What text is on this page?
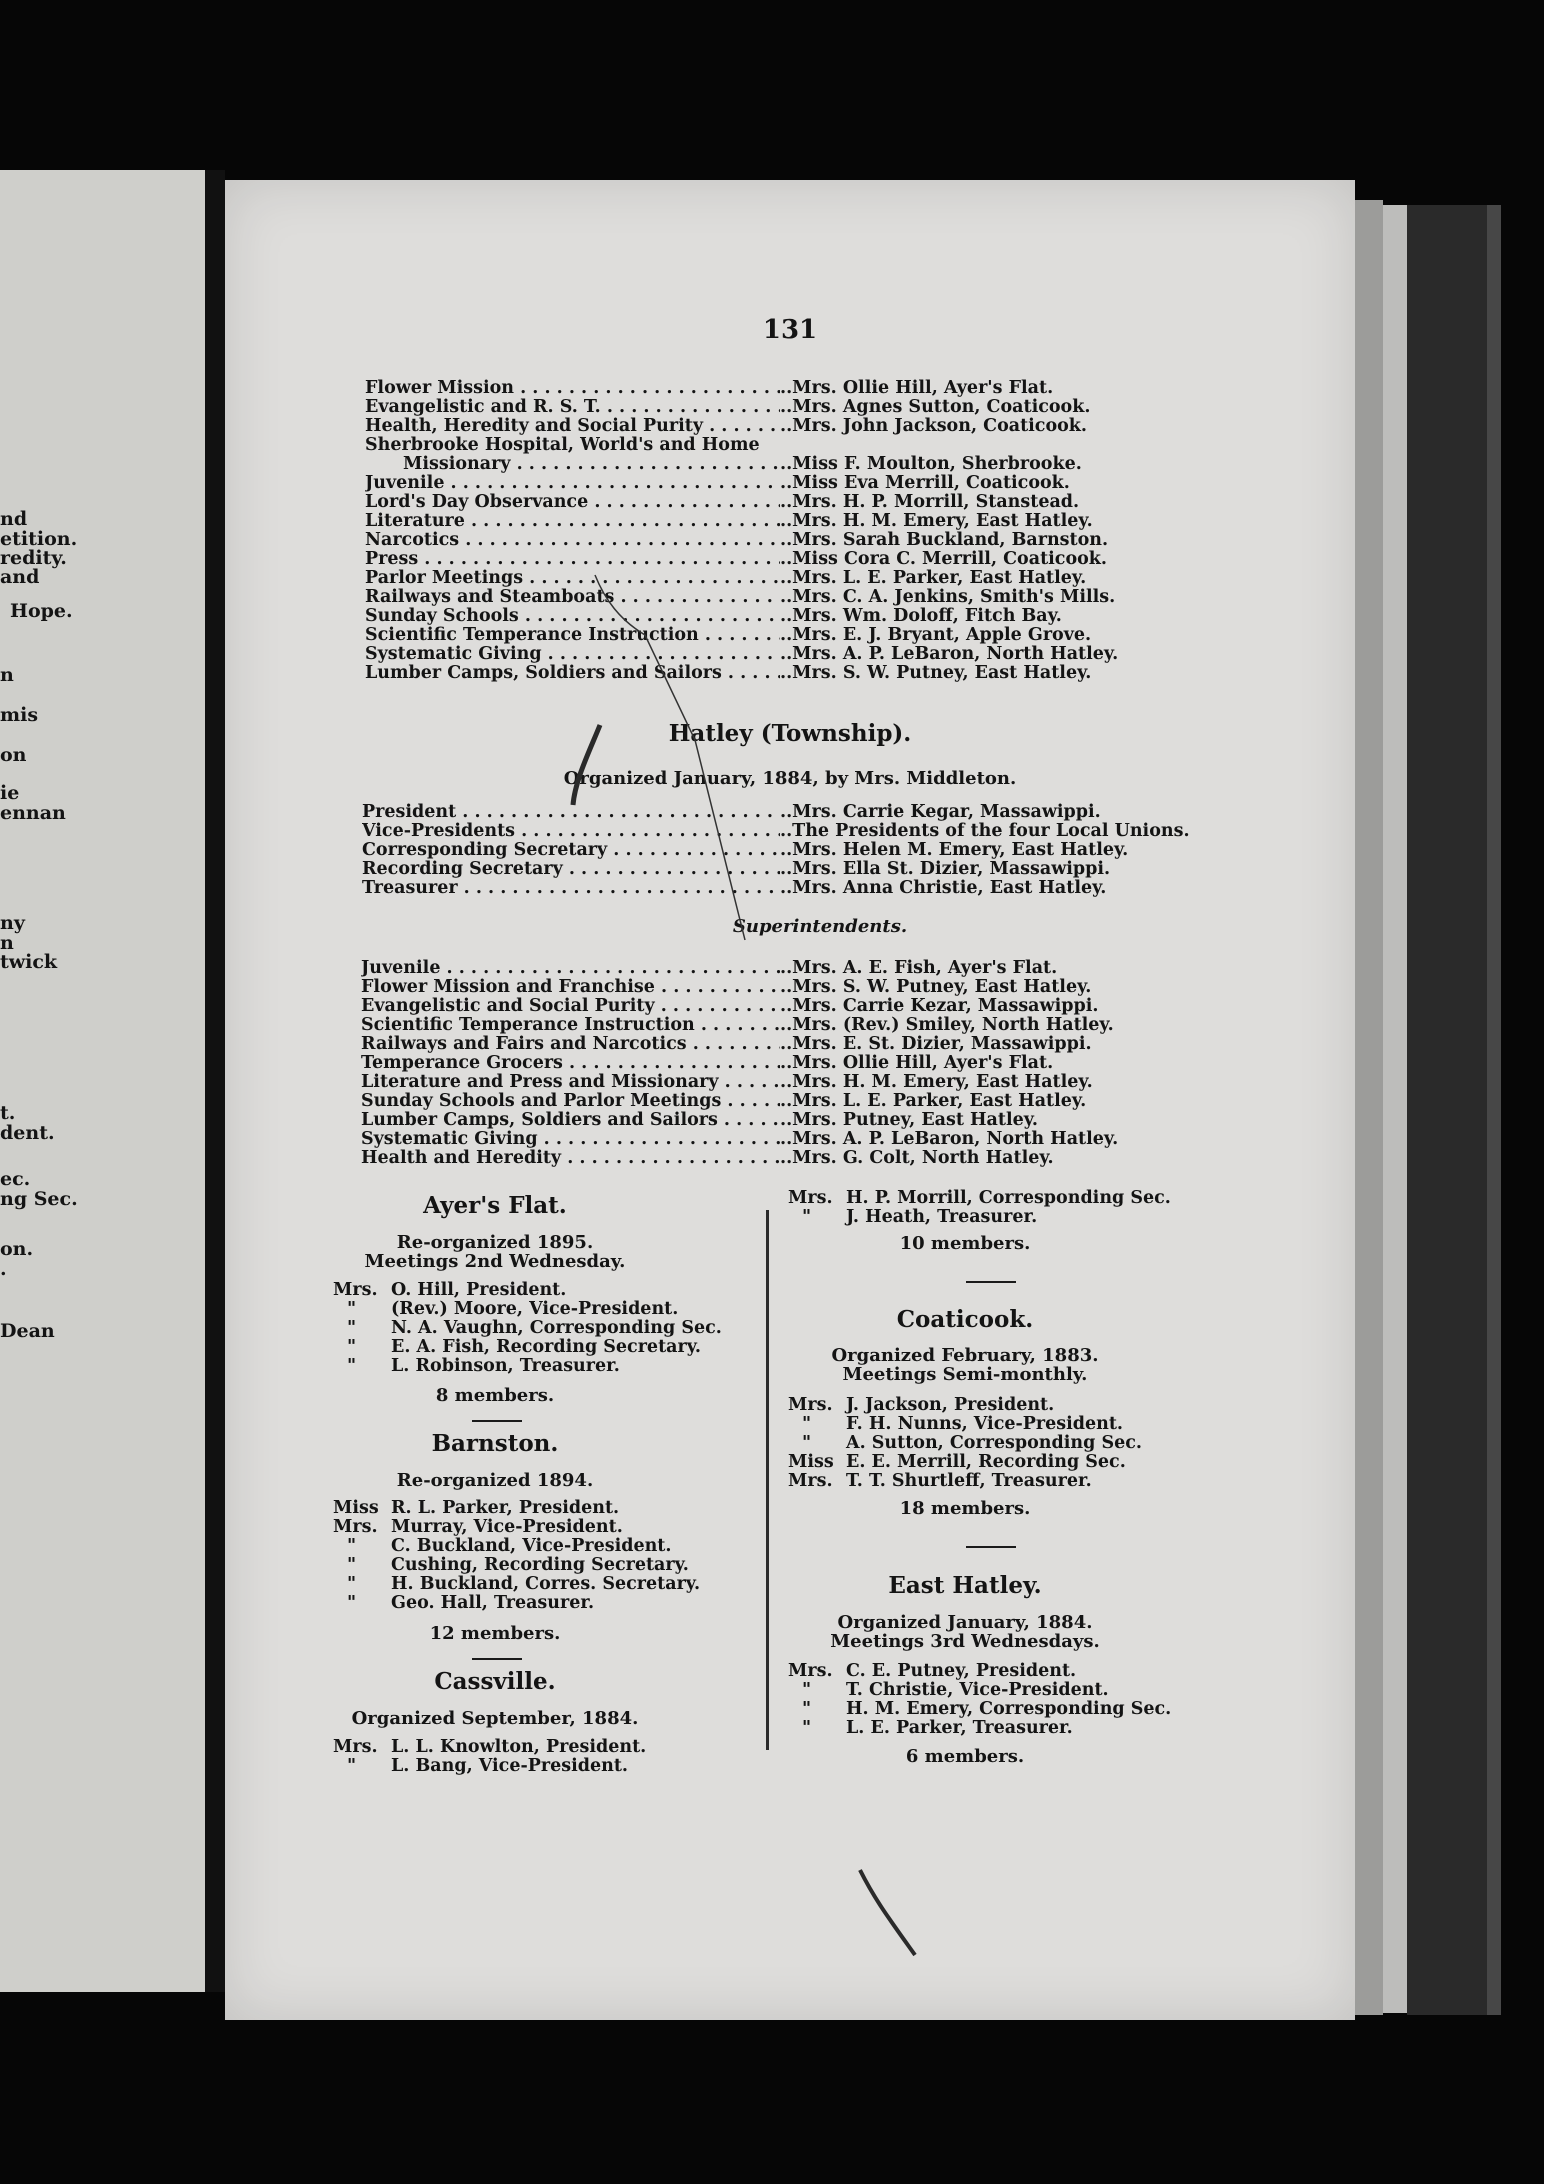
nd
etition.
redity.
and
Hope.
n
mis
on
ie
ennan
ny
n
twick
t.
dent.
ec.
ng Sec.
on.
.
Dean
131
Flower Mission . . .	..Mrs. Ollie Hill, Ayer's Flat.
Evangelistic and R. S. T. . . .	..Mrs. Agnes Sutton, Coaticook.
Health, Heredity and Social Purity . . .	..Mrs. John Jackson, Coaticook.
Sherbrooke Hospital, World's and Home
Missionary . . .	..Miss F. Moulton, Sherbrooke.
Juvenile . . .	..Miss Eva Merrill, Coaticook.
Lord's Day Observance . . .	..Mrs. H. P. Morrill, Stanstead.
Literature . . .	..Mrs. H. M. Emery, East Hatley.
Narcotics . . .	..Mrs. Sarah Buckland, Barnston.
Press . . .	..Miss Cora C. Merrill, Coaticook.
Parlor Meetings . . .	..Mrs. L. E. Parker, East Hatley.
Railways and Steamboats . . .	..Mrs. C. A. Jenkins, Smith's Mills.
Sunday Schools . . .	..Mrs. Wm. Doloff, Fitch Bay.
Scientific Temperance Instruction . . .	..Mrs. E. J. Bryant, Apple Grove.
Systematic Giving . . .	..Mrs. A. P. LeBaron, North Hatley.
Lumber Camps, Soldiers and Sailors . . .	..Mrs. S. W. Putney, East Hatley.
Hatley (Township).
Organized January, 1884, by Mrs. Middleton.
President . . .	..Mrs. Carrie Kegar, Massawippi.
Vice-Presidents . . .	..The Presidents of the four Local Unions.
Corresponding Secretary . . .	..Mrs. Helen M. Emery, East Hatley.
Recording Secretary . . .	..Mrs. Ella St. Dizier, Massawippi.
Treasurer . . .	..Mrs. Anna Christie, East Hatley.
Superintendents.
Juvenile . . .	..Mrs. A. E. Fish, Ayer's Flat.
Flower Mission and Franchise . . .	..Mrs. S. W. Putney, East Hatley.
Evangelistic and Social Purity . . .	..Mrs. Carrie Kezar, Massawippi.
Scientific Temperance Instruction . . .	..Mrs. (Rev.) Smiley, North Hatley.
Railways and Fairs and Narcotics . . .	..Mrs. E. St. Dizier, Massawippi.
Temperance Grocers . . .	..Mrs. Ollie Hill, Ayer's Flat.
Literature and Press and Missionary . . .	..Mrs. H. M. Emery, East Hatley.
Sunday Schools and Parlor Meetings . . .	..Mrs. L. E. Parker, East Hatley.
Lumber Camps, Soldiers and Sailors . . .	..Mrs. Putney, East Hatley.
Systematic Giving . . .	..Mrs. A. P. LeBaron, North Hatley.
Health and Heredity . . .	..Mrs. G. Colt, North Hatley.
Ayer's Flat.
Re-organized 1895.
Meetings 2nd Wednesday.
Mrs. O. Hill, President.
" (Rev.) Moore, Vice-President.
" N. A. Vaughn, Corresponding Sec.
" E. A. Fish, Recording Secretary.
" L. Robinson, Treasurer.
8 members.
Barnston.
Re-organized 1894.
Miss R. L. Parker, President.
Mrs. Murray, Vice-President.
" C. Buckland, Vice-President.
" Cushing, Recording Secretary.
" H. Buckland, Corres. Secretary.
" Geo. Hall, Treasurer.
12 members.
Cassville.
Organized September, 1884.
Mrs. L. L. Knowlton, President.
" L. Bang, Vice-President.
Mrs. H. P. Morrill, Corresponding Sec.
" J. Heath, Treasurer.
10 members.
Coaticook.
Organized February, 1883.
Meetings Semi-monthly.
Mrs. J. Jackson, President.
" F. H. Nunns, Vice-President.
" A. Sutton, Corresponding Sec.
Miss E. E. Merrill, Recording Sec.
Mrs. T. T. Shurtleff, Treasurer.
18 members.
East Hatley.
Organized January, 1884.
Meetings 3rd Wednesdays.
Mrs. C. E. Putney, President.
" T. Christie, Vice-President.
" H. M. Emery, Corresponding Sec.
" L. E. Parker, Treasurer.
6 members.
